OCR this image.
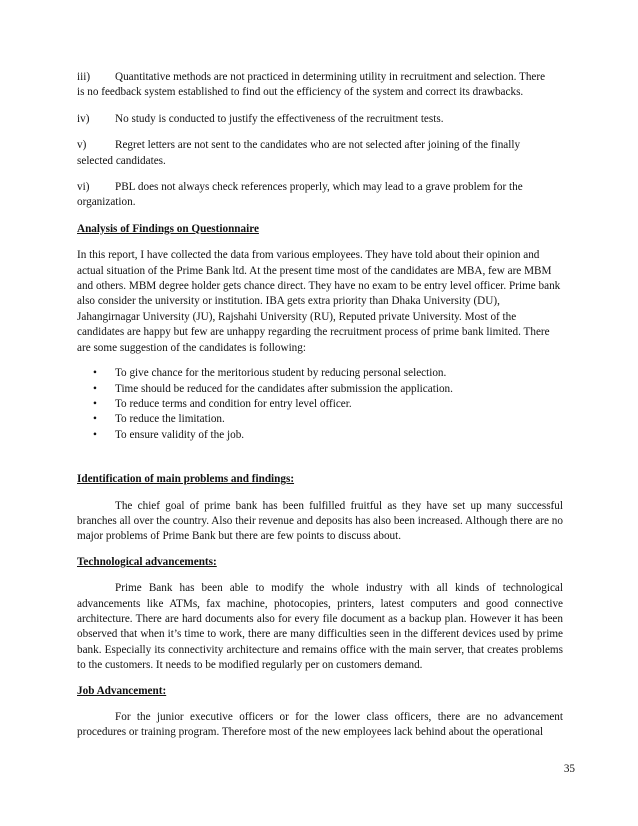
iii) Quantitative methods are not practiced in determining utility in recruitment and selection. There

is no feedback system established to find out the efficiency of the system and correct its drawbacks.

iv) No study is conducted to justify the effectiveness of the recruitment tests.

v)	Regret letters are not sent to the candidates who are not selected after joining of the finally

selected candidates.

vi) PBL does not always check references properly, which may lead to a grave problem for the

organization.

Analysis of Findings on Questionnaire

In this report, I have collected the data from various employees. They have told about their opinion and actual situation of the Prime Bank ltd. At the present time most of the candidates are MBA, few are MBM and others. MBM degree holder gets chance direct. They have no exam to be entry level officer. Prime bank also consider the university or institution. IBA gets extra priority than Dhaka University (DU), Jahangirnagar University (JU), Rajshahi University (RU), Reputed private University. Most of the candidates are happy but few are unhappy regarding the recruitment process of prime bank limited. There are some suggestion of the candidates is following:

• To give chance for the meritorious student by reducing personal selection.
• Time should be reduced for the candidates after submission the application.
• To reduce terms and condition for entry level officer.
• To reduce the limitation.
• To ensure validity of the job.

Identification of main problems and findings:

The chief goal of prime bank has been fulfilled fruitful as they have set up many successful branches all over the country. Also their revenue and deposits has also been increased. Although there are no major problems of Prime Bank but there are few points to discuss about.

Technological advancements:

Prime Bank has been able to modify the whole industry with all kinds of technological advancements like ATMs, fax machine, photocopies, printers, latest computers and good connective architecture. There are hard documents also for every file document as a backup plan. However it has been observed that when it’s time to work, there are many difficulties seen in the different devices used by prime bank. Especially its connectivity architecture and remains office with the main server, that creates problems to the customers. It needs to be modified regularly per on customers demand.

Job Advancement:

For the junior executive officers or for the lower class officers, there are no advancement procedures or training program. Therefore most of the new employees lack behind about the operational

35
